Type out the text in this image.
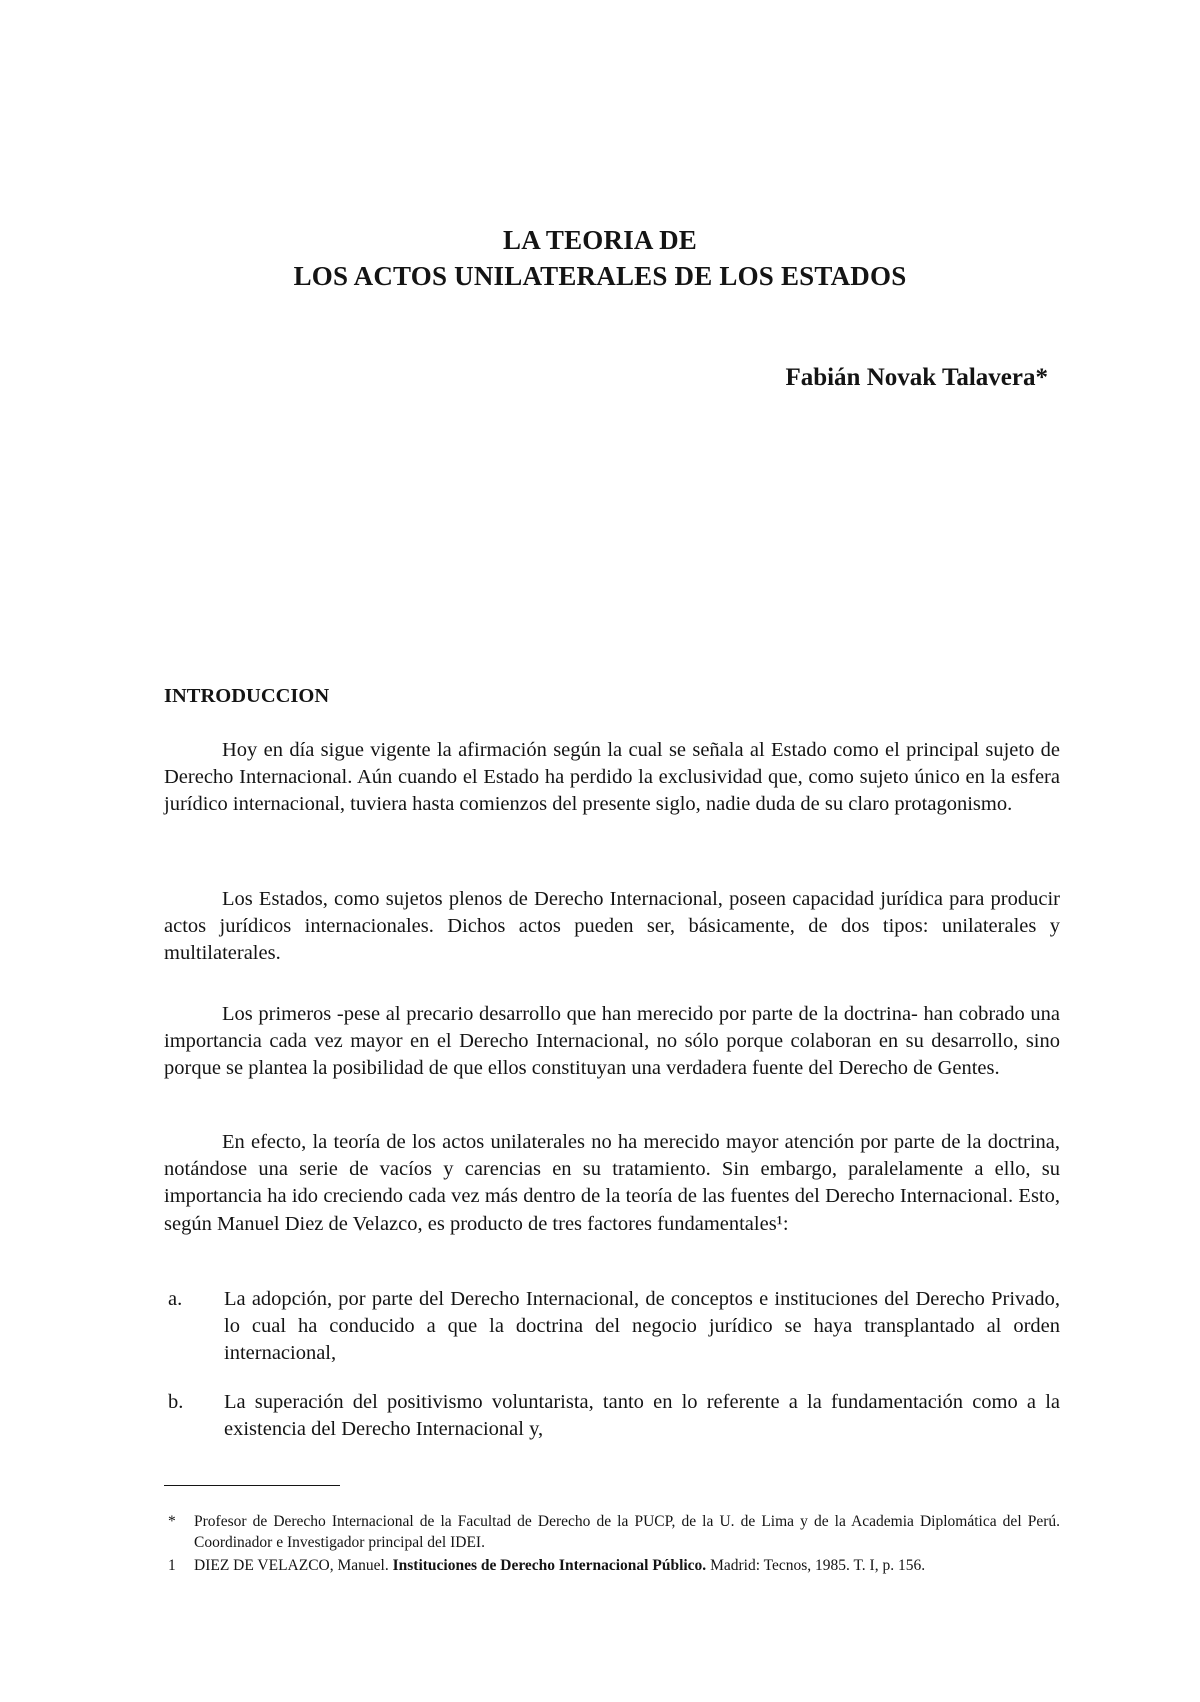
LA TEORIA DE
LOS ACTOS UNILATERALES DE LOS ESTADOS
Fabián Novak Talavera*
INTRODUCCION

Hoy en día sigue vigente la afirmación según la cual se señala al Estado como el principal sujeto de Derecho Internacional. Aún cuando el Estado ha perdido la exclusividad que, como sujeto único en la esfera jurídico internacional, tuviera hasta comienzos del presente siglo, nadie duda de su claro protagonismo.

Los Estados, como sujetos plenos de Derecho Internacional, poseen capacidad jurídica para producir actos jurídicos internacionales. Dichos actos pueden ser, básicamente, de dos tipos: unilaterales y multilaterales.

Los primeros -pese al precario desarrollo que han merecido por parte de la doctrina- han cobrado una importancia cada vez mayor en el Derecho Internacional, no sólo porque colaboran en su desarrollo, sino porque se plantea la posibilidad de que ellos constituyan una verdadera fuente del Derecho de Gentes.

En efecto, la teoría de los actos unilaterales no ha merecido mayor atención por parte de la doctrina, notándose una serie de vacíos y carencias en su tratamiento. Sin embargo, paralelamente a ello, su importancia ha ido creciendo cada vez más dentro de la teoría de las fuentes del Derecho Internacional. Esto, según Manuel Diez de Velazco, es producto de tres factores fundamentales¹:

a. La adopción, por parte del Derecho Internacional, de conceptos e instituciones del Derecho Privado, lo cual ha conducido a que la doctrina del negocio jurídico se haya transplantado al orden internacional,
b. La superación del positivismo voluntarista, tanto en lo referente a la fundamentación como a la existencia del Derecho Internacional y,
* Profesor de Derecho Internacional de la Facultad de Derecho de la PUCP, de la U. de Lima y de la Academia Diplomática del Perú. Coordinador e Investigador principal del IDEI.
1 DIEZ DE VELAZCO, Manuel. Instituciones de Derecho Internacional Público. Madrid: Tecnos, 1985. T. I, p. 156.
